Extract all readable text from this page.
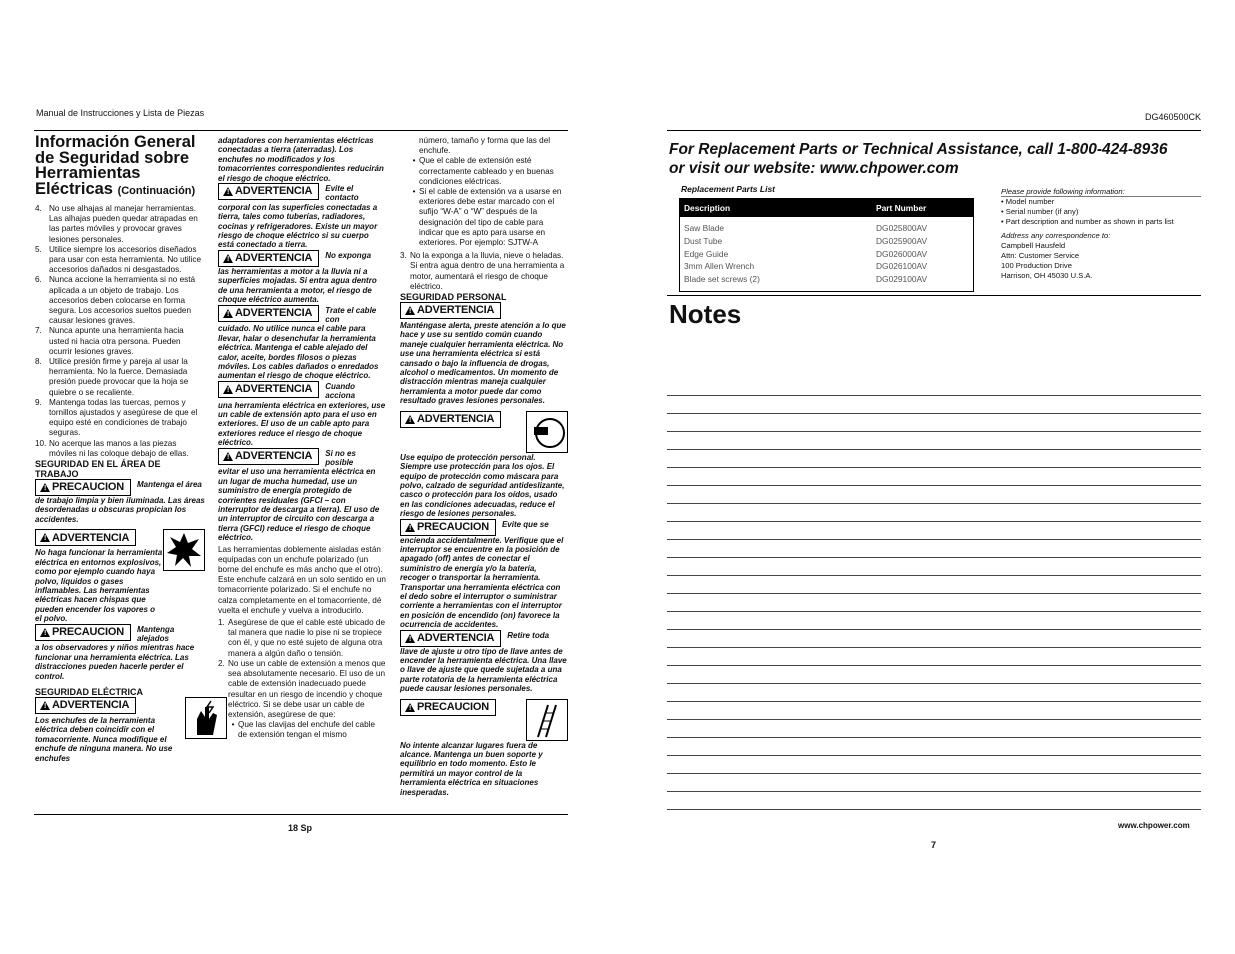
Manual de Instrucciones y Lista de Piezas	DG460500CK
Información General
de Seguridad sobre
Herramientas
Eléctricas (Continuación)
4. No use alhajas al manejar herramientas. Las alhajas pueden quedar atrapadas en las partes móviles y provocar graves lesiones personales.
5. Utilice siempre los accesorios diseñados para usar con esta herramienta. No utilice accesorios dañados ni desgastados.
6. Nunca accione la herramienta si no está aplicada a un objeto de trabajo. Los accesorios deben colocarse en forma segura. Los accesorios sueltos pueden causar lesiones graves.
7. Nunca apunte una herramienta hacia usted ni hacia otra persona. Pueden ocurrir lesiones graves.
8. Utilice presión firme y pareja al usar la herramienta. No la fuerce. Demasiada presión puede provocar que la hoja se quiebre o se recaliente.
9. Mantenga todas las tuercas, pernos y tornillos ajustados y asegúrese de que el equipo esté en condiciones de trabajo seguras.
10. No acerque las manos a las piezas móviles ni las coloque debajo de ellas.
SEGURIDAD EN EL ÁREA DE TRABAJO
!
PRECAUCION Mantenga el área
de trabajo limpia y bien iluminada. Las áreas desordenadas u obscuras propician los accidentes.
!
ADVERTENCIA
No haga funcionar la herramienta eléctrica en entornos explosivos, como por ejemplo cuando haya polvo, líquidos o gases inflamables. Las herramientas eléctricas hacen chispas que pueden encender los vapores o el polvo.
!
PRECAUCION Mantenga alejados
a los observadores y niños mientras hace funcionar una herramienta eléctrica. Las distracciones pueden hacerle perder el control.
SEGURIDAD ELÉCTRICA
!
ADVERTENCIA
Los enchufes de la herramienta eléctrica deben coincidir con el tomacorriente. Nunca modifique el enchufe de ninguna manera. No use enchufes
adaptadores con herramientas eléctricas conectadas a tierra (aterradas). Los enchufes no modificados y los tomacorrientes correspondientes reducirán el riesgo de choque eléctrico.
!
ADVERTENCIA Evite el contacto
corporal con las superficies conectadas a tierra, tales como tuberías, radiadores, cocinas y refrigeradores. Existe un mayor riesgo de choque eléctrico si su cuerpo está conectado a tierra.
!
ADVERTENCIA No exponga
las herramientas a motor a la lluvia ni a superficies mojadas. Si entra agua dentro de una herramienta a motor, el riesgo de choque eléctrico aumenta.
!
ADVERTENCIA Trate el cable con
cuidado. No utilice nunca el cable para llevar, halar o desenchufar la herramienta eléctrica. Mantenga el cable alejado del calor, aceite, bordes filosos o piezas móviles. Los cables dañados o enredados aumentan el riesgo de choque eléctrico.
!
ADVERTENCIA Cuando acciona
una herramienta eléctrica en exteriores, use un cable de extensión apto para el uso en exteriores. El uso de un cable apto para exteriores reduce el riesgo de choque eléctrico.
!
ADVERTENCIA Si no es posible
evitar el uso una herramienta eléctrica en un lugar de mucha humedad, use un suministro de energía protegido de corrientes residuales (GFCI – con interruptor de descarga a tierra). El uso de un interruptor de circuito con descarga a tierra (GFCI) reduce el riesgo de choque eléctrico.
Las herramientas doblemente aisladas están equipadas con un enchufe polarizado (un borne del enchufe es más ancho que el otro). Este enchufe calzará en un solo sentido en un tomacorriente polarizado. Si el enchufe no calza completamente en el tomacorriente, dé vuelta el enchufe y vuelva a introducirlo.
1. Asegúrese de que el cable esté ubicado de tal manera que nadie lo pise ni se tropiece con él, y que no esté sujeto de alguna otra manera a algún daño o tensión.
2. No use un cable de extensión a menos que sea absolutamente necesario. El uso de un cable de extensión inadecuado puede resultar en un riesgo de incendio y choque eléctrico. Si se debe usar un cable de extensión, asegúrese de que:
• Que las clavijas del enchufe del cable de extensión tengan el mismo
número, tamaño y forma que las del enchufe.
• Que el cable de extensión esté correctamente cableado y en buenas condiciones eléctricas.
• Si el cable de extensión va a usarse en exteriores debe estar marcado con el sufijo “W-A” o “W” después de la designación del tipo de cable para indicar que es apto para usarse en exteriores. Por ejemplo: SJTW-A
3. No la exponga a la lluvia, nieve o heladas. Si entra agua dentro de una herramienta a motor, aumentará el riesgo de choque eléctrico.
SEGURIDAD PERSONAL
!
ADVERTENCIA
Manténgase alerta, preste atención a lo que hace y use su sentido común cuando maneje cualquier herramienta eléctrica. No use una herramienta eléctrica si está cansado o bajo la influencia de drogas, alcohol o medicamentos. Un momento de distracción mientras maneja cualquier herramienta a motor puede dar como resultado graves lesiones personales.
!
ADVERTENCIA
Use equipo de protección personal. Siempre use protección para los ojos. El equipo de protección como máscara para polvo, calzado de seguridad antideslizante, casco o protección para los oídos, usado en las condiciones adecuadas, reduce el riesgo de lesiones personales.
!
PRECAUCION Evite que se
encienda accidentalmente. Verifique que el interruptor se encuentre en la posición de apagado (off) antes de conectar el suministro de energía y/o la batería, recoger o transportar la herramienta. Transportar una herramienta eléctrica con el dedo sobre el interruptor o suministrar corriente a herramientas con el interruptor en posición de encendido (on) favorece la ocurrencia de accidentes.
!
ADVERTENCIA Retire toda
llave de ajuste u otro tipo de llave antes de encender la herramienta eléctrica. Una llave o llave de ajuste que quede sujetada a una parte rotatoria de la herramienta eléctrica puede causar lesiones personales.
!
PRECAUCION
No intente alcanzar lugares fuera de alcance. Mantenga un buen soporte y equilibrio en todo momento. Esto le permitirá un mayor control de la herramienta eléctrica en situaciones inesperadas.
18 Sp
For Replacement Parts or Technical Assistance, call 1-800-424-8936
or visit our website: www.chpower.com
Replacement Parts List
Description	Part Number

Saw Blade	DG025800AV
Dust Tube	DG025900AV
Edge Guide	DG026000AV
3mm Allen Wrench	DG026100AV
Blade set screws (2)	DG029100AV

Please provide following information:
• Model number
• Serial number (if any)
• Part description and number as shown in parts list
Address any correspondence to:
Campbell Hausfeld
Attn: Customer Service
100 Production Drive
Harrison, OH 45030 U.S.A.
Notes
www.chpower.com
7
